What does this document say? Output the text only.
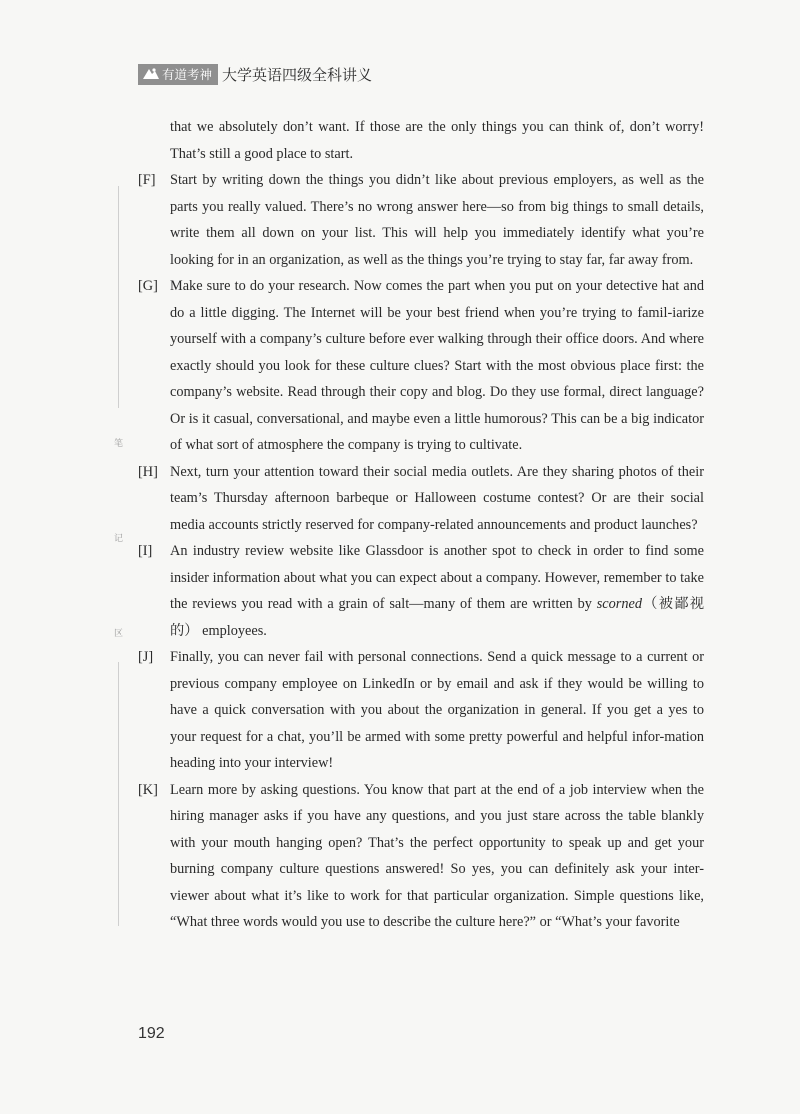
有道考神 大学英语四级全科讲义
笔
记
区
that we absolutely don’t want. If those are the only things you can think of, don’t worry! That’s still a good place to start.
[F]	Start by writing down the things you didn’t like about previous employers, as well as the parts you really valued. There’s no wrong answer here—so from big things to small details, write them all down on your list. This will help you immediately identify what you’re looking for in an organization, as well as the things you’re trying to stay far, far away from.
[G] Make sure to do your research. Now comes the part when you put on your detective hat and do a little digging. The Internet will be your best friend when you’re trying to famil-iarize yourself with a company’s culture before ever walking through their office doors. And where exactly should you look for these culture clues? Start with the most obvious place first: the company’s website. Read through their copy and blog. Do they use formal, direct language? Or is it casual, conversational, and maybe even a little humorous? This can be a big indicator of what sort of atmosphere the company is trying to cultivate.
[H] Next, turn your attention toward their social media outlets. Are they sharing photos of their team’s Thursday afternoon barbeque or Halloween costume contest? Or are their social media accounts strictly reserved for company-related announcements and product launches?
[I]	An industry review website like Glassdoor is another spot to check in order to find some insider information about what you can expect about a company. However, remember to take the reviews you read with a grain of salt—many of them are written by scorned（被鄙视的） employees.
[J]	Finally, you can never fail with personal connections. Send a quick message to a current or previous company employee on LinkedIn or by email and ask if they would be willing to have a quick conversation with you about the organization in general. If you get a yes to your request for a chat, you’ll be armed with some pretty powerful and helpful infor-mation heading into your interview!
[K] Learn more by asking questions. You know that part at the end of a job interview when the hiring manager asks if you have any questions, and you just stare across the table blankly with your mouth hanging open? That’s the perfect opportunity to speak up and get your burning company culture questions answered! So yes, you can definitely ask your inter-viewer about what it’s like to work for that particular organization. Simple questions like, “What three words would you use to describe the culture here?” or “What’s your favorite
192
